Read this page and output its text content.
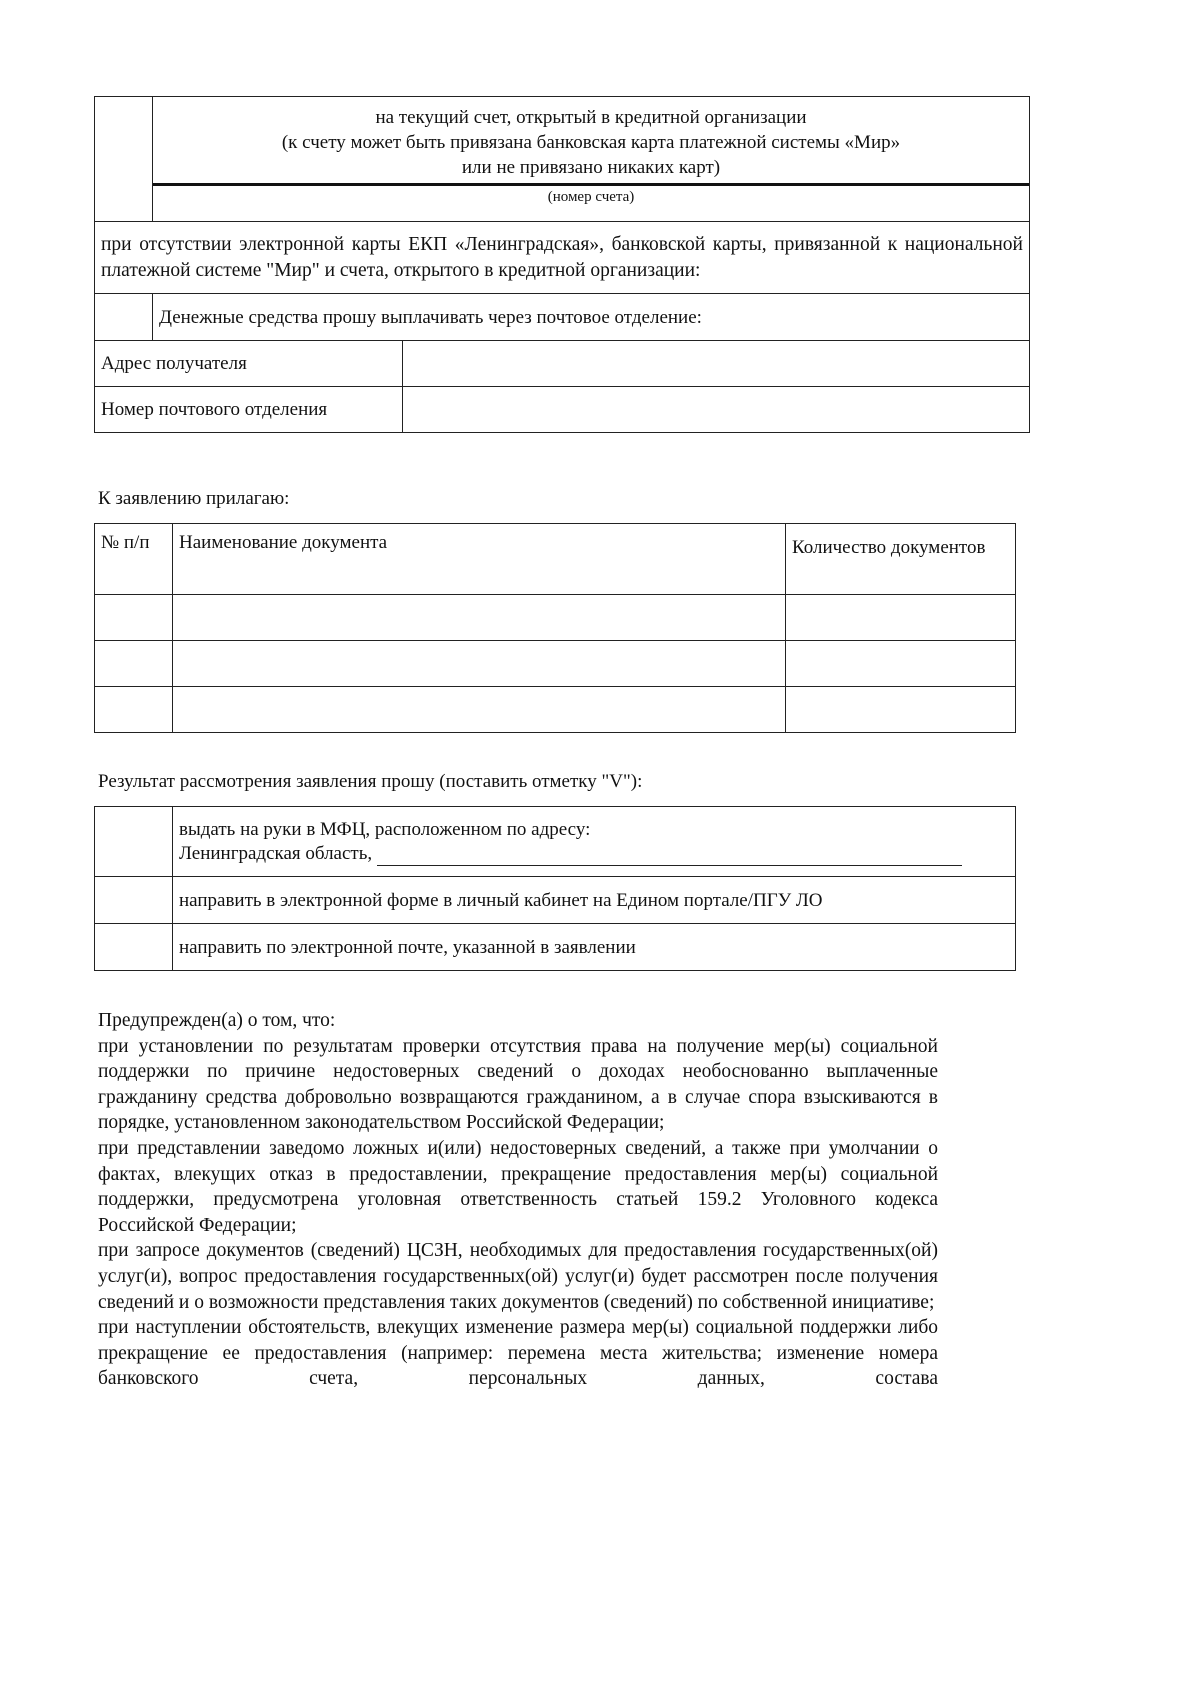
	на текущий счет, открытый в кредитной организации
(к счету может быть привязана банковская карта платежной системы «Мир»
или не привязано никаких карт)
(номер счета)	

при отсутствии электронной карты ЕКП «Ленинградская», банковской карты, привязанной к национальной платежной системе "Мир" и счета, открытого в кредитной организации:		
	Денежные средства прошу выплачивать через почтовое отделение:	
Адрес получателя		
Номер почтового отделения		
К заявлению прилагаю:
№ п/п	Наименование документа	Количество документов

Результат рассмотрения заявления прошу (поставить отметку "V"):

	выдать на руки в МФЦ, расположенном по адресу:
Ленинградская область,

	направить в электронной форме в личный кабинет на Едином портале/ПГУ ЛО
	направить по электронной почте, указанной в заявлении

Предупрежден(а) о том, что:

при установлении по результатам проверки отсутствия права на получение мер(ы) социальной поддержки по причине недостоверных сведений о доходах необоснованно выплаченные гражданину средства добровольно возвращаются гражданином, а в случае спора взыскиваются в порядке, установленном законодательством Российской Федерации;

при представлении заведомо ложных и(или) недостоверных сведений, а также при умолчании о фактах, влекущих отказ в предоставлении, прекращение предоставления мер(ы) социальной поддержки, предусмотрена уголовная ответственность статьей 159.2 Уголовного кодекса Российской Федерации;

при запросе документов (сведений) ЦСЗН, необходимых для предоставления государственных(ой) услуг(и), вопрос предоставления государственных(ой) услуг(и) будет рассмотрен после получения сведений и о возможности представления таких документов (сведений) по собственной инициативе;

при наступлении обстоятельств, влекущих изменение размера мер(ы) социальной поддержки либо прекращение ее предоставления (например: перемена места жительства; изменение номера банковского счета, персональных данных, состава
